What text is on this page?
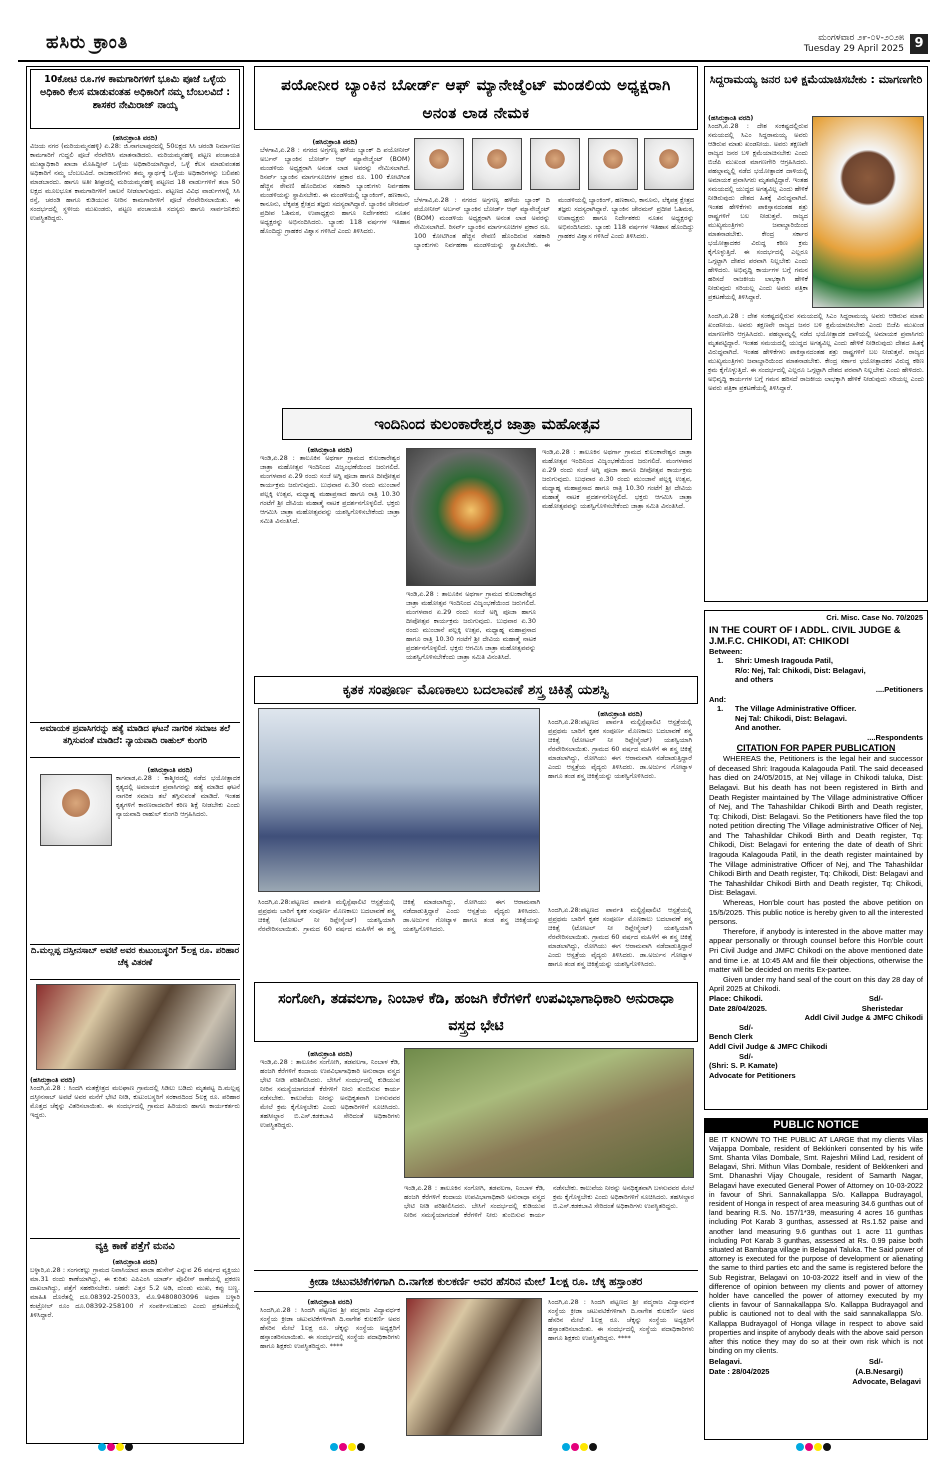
ಹಸಿರು ಕ್ರಾಂತಿ	ಮಂಗಳವಾರ ೨೯-೦೪-೨೦೨೫
Tuesday 29 April 2025 9
10ಕೋಟಿ ರೂ.ಗಳ ಕಾಮಗಾರಿಗಳಿಗೆ ಭೂಮಿ ಪೂಜೆ ಒಳ್ಳೆಯ ಅಧಿಕಾರಿ ಕೆಲಸ ಮಾಡುವಂತಹ ಅಧಿಕಾರಿಗೆ ನಮ್ಮ ಬೆಂಬಲವಿದೆ : ಶಾಸಕರ ನೇಮಿರಾಜ್ ನಾಯ್ಕ
(ಹಸಿರುಕ್ರಾಂತಿ ವರದಿ)
ವಿಜಯ ನಗರ (ಮರಿಯಮ್ಮನಹಳ್ಳಿ) ಏ.28: ಜಿ.ನಾಗಲಾಪುರದಲ್ಲಿ 50ಲಕ್ಷದ ಸಿಸಿ ಚರಂಡಿ ನಿರ್ಮಾಣದ ಕಾಮಗಾರಿಗೆ ಗುದ್ದಲಿ ಪೂಜೆ ನೆರವೇರಿಸಿ ಮಾತನಾಡಿದರು. ಮರಿಯಮ್ಮನಹಳ್ಳಿ ಪಟ್ಟಣ ಪಂಚಾಯತಿ ಮುಖ್ಯಾಧಿಕಾರಿ ಖಾಜಾ ಮೊಹಿದ್ದೀನ್ ಒಳ್ಳೆಯ ಅಧಿಕಾರಿಯಾಗಿದ್ದಾರೆ, ಒಳ್ಳೆ ಕೆಲಸ ಮಾಡುವಂತಹ ಅಧಿಕಾರಿಗೆ ನಮ್ಮ ಬೆಂಬಲವಿದೆ. ರಾಜಕಾರಣಿಗಳು ತಮ್ಮ ಸ್ವಾರ್ಥಕ್ಕೆ ಒಳ್ಳೆಯ ಅಧಿಕಾರಿಗಳನ್ನು ಬಲಿಪಶು ಮಾಡಬಾರದು. ಹಾಗೂ ಅತೀ ಶೀಘ್ರದಲ್ಲಿ ಮರಿಯಮ್ಮನಹಳ್ಳಿ ಪಟ್ಟಣದ 18 ವಾರ್ಡುಗಳಿಗೆ ತಲಾ 50 ಲಕ್ಷದ ಮೂಲಭೂತ ಕಾಮಗಾರಿಗಳಿಗೆ ಚಾಲನೆ ನೀಡಲಾಗುವುದು. ಪಟ್ಟಣದ ವಿವಿಧ ವಾರ್ಡುಗಳಲ್ಲಿ ಸಿಸಿ ರಸ್ತೆ, ಚರಂಡಿ ಹಾಗೂ ಕುಡಿಯುವ ನೀರಿನ ಕಾಮಗಾರಿಗಳಿಗೆ ಪೂಜೆ ನೆರವೇರಿಸಲಾಯಿತು. ಈ ಸಂದರ್ಭದಲ್ಲಿ ಸ್ಥಳೀಯ ಮುಖಂಡರು, ಪಟ್ಟಣ ಪಂಚಾಯತಿ ಸದಸ್ಯರು ಹಾಗೂ ಸಾರ್ವಜನಿಕರು ಉಪಸ್ಥಿತರಿದ್ದರು.
ಅಮಾಯಕ ಪ್ರವಾಸಿಗರನ್ನು ಹತ್ಯೆ ಮಾಡಿದ ಘಟನೆ ನಾಗರಿಕ ಸಮಾಜ ತಲೆ ತಗ್ಗಿಸುವಂತೆ ಮಾಡಿದೆ: ನ್ಯಾಯವಾದಿ ರಾಹುಲ್ ಕುಂಗರಿ
(ಹಸಿರುಕ್ರಾಂತಿ ವರದಿ)
ಕಾಗವಾಡ,ಏ.28 : ಕಾಶ್ಮೀರದಲ್ಲಿ ನಡೆದ ಭಯೋತ್ಪಾದಕ ಕೃತ್ಯದಲ್ಲಿ ಅಮಾಯಕ ಪ್ರವಾಸಿಗರನ್ನು ಹತ್ಯೆ ಮಾಡಿದ ಘಟನೆ ನಾಗರಿಕ ಸಮಾಜ ತಲೆ ತಗ್ಗಿಸುವಂತೆ ಮಾಡಿದೆ. ಇಂತಹ ಕೃತ್ಯಗಳಿಗೆ ಕಾರಣರಾದವರಿಗೆ ಕಠಿಣ ಶಿಕ್ಷೆ ನೀಡಬೇಕು ಎಂದು ನ್ಯಾಯವಾದಿ ರಾಹುಲ್ ಕುಂಗರಿ ಆಗ್ರಹಿಸಿದರು.
ದಿ.ಮಲ್ಲಪ್ಪ ದಸ್ತೀನಸಾಬ್ ಅವಟೆ ಅವರ ಕುಟುಂಬಸ್ಥರಿಗೆ 5ಲಕ್ಷ ರೂ. ಪರಿಹಾರ ಚೆಕ್ಕ ವಿತರಣೆ
(ಹಸಿರುಕ್ರಾಂತಿ ವರದಿ)
ಸಿಂದಗಿ,ಏ.28 : ಸಿಂದಗಿ ಮತಕ್ಷೇತ್ರದ ಮಲಘಾಣ ಗ್ರಾಮದಲ್ಲಿ ಸಿಡಿಲು ಬಡಿದು ಮೃತಪಟ್ಟ ದಿ.ಮಲ್ಲಪ್ಪ ದಸ್ತೀನಸಾಬ್ ಅವಟೆ ಅವರ ಮನೆಗೆ ಭೇಟಿ ನೀಡಿ, ಕುಟುಂಬಸ್ಥರಿಗೆ ಸರಕಾರದಿಂದ 5ಲಕ್ಷ ರೂ. ಪರಿಹಾರ ಮೊತ್ತದ ಚೆಕ್ಕನ್ನು ವಿತರಿಸಲಾಯಿತು. ಈ ಸಂದರ್ಭದಲ್ಲಿ ಗ್ರಾಮದ ಹಿರಿಯರು ಹಾಗೂ ಕಾರ್ಯಕರ್ತರು ಇದ್ದರು.
ವ್ಯಕ್ತಿ ಕಾಣೆ ಪತ್ತೆಗೆ ಮನವಿ
(ಹಸಿರುಕ್ರಾಂತಿ ವರದಿ)
ಬಳ್ಳಾರಿ,ಏ.28 : ಸಂಗನಕಲ್ಲು ಗ್ರಾಮದ ನಿವಾಸಿಯಾದ ಖಾಜಾ ಹುಸೇನ್ ಎನ್ನುವ 26 ವರ್ಷದ ವ್ಯಕ್ತಿಯು ಮಾ.31 ರಂದು ಕಾಣೆಯಾಗಿದ್ದು, ಈ ಕುರಿತು ಎಪಿಎಂಸಿ ಯಾರ್ಡ್ ಪೊಲೀಸ್ ಠಾಣೆಯಲ್ಲಿ ಪ್ರಕರಣ ದಾಖಲಾಗಿದ್ದು, ಪತ್ತೆಗೆ ಸಹಕರಿಸಬೇಕು. ಚಹರೆ: ಎತ್ತರ 5.2 ಅಡಿ, ದುಂಡು ಮುಖ, ಕಪ್ಪು ಬಣ್ಣ. ಮಾಹಿತಿ ದೊರೆತಲ್ಲಿ ದೂ.08392-250033, ಮೊ.9480803096 ಅಥವಾ ಬಳ್ಳಾರಿ ಕಂಟ್ರೋಲ್ ರೂಂ ದೂ.08392-258100 ಗೆ ಸಂಪರ್ಕಿಸಬಹುದು ಎಂದು ಪ್ರಕಟಣೆಯಲ್ಲಿ ತಿಳಿಸಿದ್ದಾರೆ.
ಪಯೋನೀರ ಬ್ಯಾಂಕಿನ ಬೋರ್ಡ್ ಆಫ್ ಮ್ಯಾನೇಜ್ಮೆಂಟ್ ಮಂಡಲಿಯ ಅಧ್ಯಕ್ಷರಾಗಿ ಅನಂತ ಲಾಡ ನೇಮಕ
(ಹಸಿರುಕ್ರಾಂತಿ ವರದಿ)
ಬೆಳಗಾವಿ,ಏ.28 : ನಗರದ ಅಗ್ರಗಣ್ಯ ಹಳೆಯ ಬ್ಯಾಂಕ್ ದಿ ಪಯೋನೀರ್ ಅರ್ಬನ್ ಬ್ಯಾಂಕಿನ ಬೋರ್ಡ್ ಆಫ್ ಮ್ಯಾನೇಜ್ಮೆಂಟ್ (BOM) ಮಂಡಳಿಯ ಅಧ್ಯಕ್ಷರಾಗಿ ಅನಂತ ಲಾಡ ಅವರನ್ನು ನೇಮಿಸಲಾಗಿದೆ. ರಿಸರ್ವ್ ಬ್ಯಾಂಕಿನ ಮಾರ್ಗಸೂಚಿಗಳ ಪ್ರಕಾರ ರೂ. 100 ಕೋಟಿಗಿಂತ ಹೆಚ್ಚಿನ ಠೇವಣಿ ಹೊಂದಿರುವ ಸಹಕಾರಿ ಬ್ಯಾಂಕುಗಳು ನಿರ್ವಹಣಾ ಮಂಡಳಿಯನ್ನು ಸ್ಥಾಪಿಸಬೇಕು. ಈ ಮಂಡಳಿಯಲ್ಲಿ ಬ್ಯಾಂಕಿಂಗ್, ಹಣಕಾಸು, ಕಾನೂನು, ಲೆಕ್ಕಪತ್ರ ಕ್ಷೇತ್ರದ ತಜ್ಞರು ಸದಸ್ಯರಾಗಿದ್ದಾರೆ. ಬ್ಯಾಂಕಿನ ಚೇರಮನ್ ಪ್ರದೀಪ ಓಶಿಮಠ, ಉಪಾಧ್ಯಕ್ಷರು ಹಾಗೂ ನಿರ್ದೇಶಕರು ನೂತನ ಅಧ್ಯಕ್ಷರನ್ನು ಅಭಿನಂದಿಸಿದರು. ಬ್ಯಾಂಕು 118 ವರ್ಷಗಳ ಇತಿಹಾಸ ಹೊಂದಿದ್ದು ಗ್ರಾಹಕರ ವಿಶ್ವಾಸ ಗಳಿಸಿದೆ ಎಂದು ತಿಳಿಸಿದರು.
ಬೆಳಗಾವಿ,ಏ.28 : ನಗರದ ಅಗ್ರಗಣ್ಯ ಹಳೆಯ ಬ್ಯಾಂಕ್ ದಿ ಪಯೋನೀರ್ ಅರ್ಬನ್ ಬ್ಯಾಂಕಿನ ಬೋರ್ಡ್ ಆಫ್ ಮ್ಯಾನೇಜ್ಮೆಂಟ್ (BOM) ಮಂಡಳಿಯ ಅಧ್ಯಕ್ಷರಾಗಿ ಅನಂತ ಲಾಡ ಅವರನ್ನು ನೇಮಿಸಲಾಗಿದೆ. ರಿಸರ್ವ್ ಬ್ಯಾಂಕಿನ ಮಾರ್ಗಸೂಚಿಗಳ ಪ್ರಕಾರ ರೂ. 100 ಕೋಟಿಗಿಂತ ಹೆಚ್ಚಿನ ಠೇವಣಿ ಹೊಂದಿರುವ ಸಹಕಾರಿ ಬ್ಯಾಂಕುಗಳು ನಿರ್ವಹಣಾ ಮಂಡಳಿಯನ್ನು ಸ್ಥಾಪಿಸಬೇಕು. ಈ ಮಂಡಳಿಯಲ್ಲಿ ಬ್ಯಾಂಕಿಂಗ್, ಹಣಕಾಸು, ಕಾನೂನು, ಲೆಕ್ಕಪತ್ರ ಕ್ಷೇತ್ರದ ತಜ್ಞರು ಸದಸ್ಯರಾಗಿದ್ದಾರೆ. ಬ್ಯಾಂಕಿನ ಚೇರಮನ್ ಪ್ರದೀಪ ಓಶಿಮಠ, ಉಪಾಧ್ಯಕ್ಷರು ಹಾಗೂ ನಿರ್ದೇಶಕರು ನೂತನ ಅಧ್ಯಕ್ಷರನ್ನು ಅಭಿನಂದಿಸಿದರು. ಬ್ಯಾಂಕು 118 ವರ್ಷಗಳ ಇತಿಹಾಸ ಹೊಂದಿದ್ದು ಗ್ರಾಹಕರ ವಿಶ್ವಾಸ ಗಳಿಸಿದೆ ಎಂದು ತಿಳಿಸಿದರು.
ಇಂದಿನಿಂದ ಕುಲಂಕಾರೇಶ್ವರ ಜಾತ್ರಾ ಮಹೋತ್ಸವ
(ಹಸಿರುಕ್ರಾಂತಿ ವರದಿ)
ಇಂಡಿ,ಏ.28 : ತಾಲೂಕಿನ ಅಥರ್ಗಾ ಗ್ರಾಮದ ಕುಲಂಕಾರೇಶ್ವರ ಜಾತ್ರಾ ಮಹೋತ್ಸವ ಇಂದಿನಿಂದ ವಿಜೃಂಭಣೆಯಿಂದ ಜರುಗಲಿದೆ. ಮಂಗಳವಾರ ಏ.29 ರಂದು ಸಂಜೆ ಅಗ್ನಿ ಪೂಜಾ ಹಾಗೂ ದೀಪೋತ್ಸವ ಕಾರ್ಯಕ್ರಮ ಜರುಗುವುದು. ಬುಧವಾರ ಏ.30 ರಂದು ಮುಂಜಾನೆ ಪಲ್ಲಕ್ಕಿ ಉತ್ಸವ, ಮಧ್ಯಾಹ್ನ ಮಹಾಪ್ರಸಾದ ಹಾಗೂ ರಾತ್ರಿ 10.30 ಗಂಟೆಗೆ ಶ್ರೀ ದೇವಿಯ ಮಹಾತ್ಮೆ ನಾಟಕ ಪ್ರದರ್ಶನಗೊಳ್ಳಲಿದೆ. ಭಕ್ತರು ಆಗಮಿಸಿ ಜಾತ್ರಾ ಮಹೋತ್ಸವವನ್ನು ಯಶಸ್ವಿಗೊಳಿಸಬೇಕೆಂದು ಜಾತ್ರಾ ಸಮಿತಿ ವಿನಂತಿಸಿದೆ.
ಇಂಡಿ,ಏ.28 : ತಾಲೂಕಿನ ಅಥರ್ಗಾ ಗ್ರಾಮದ ಕುಲಂಕಾರೇಶ್ವರ ಜಾತ್ರಾ ಮಹೋತ್ಸವ ಇಂದಿನಿಂದ ವಿಜೃಂಭಣೆಯಿಂದ ಜರುಗಲಿದೆ. ಮಂಗಳವಾರ ಏ.29 ರಂದು ಸಂಜೆ ಅಗ್ನಿ ಪೂಜಾ ಹಾಗೂ ದೀಪೋತ್ಸವ ಕಾರ್ಯಕ್ರಮ ಜರುಗುವುದು. ಬುಧವಾರ ಏ.30 ರಂದು ಮುಂಜಾನೆ ಪಲ್ಲಕ್ಕಿ ಉತ್ಸವ, ಮಧ್ಯಾಹ್ನ ಮಹಾಪ್ರಸಾದ ಹಾಗೂ ರಾತ್ರಿ 10.30 ಗಂಟೆಗೆ ಶ್ರೀ ದೇವಿಯ ಮಹಾತ್ಮೆ ನಾಟಕ ಪ್ರದರ್ಶನಗೊಳ್ಳಲಿದೆ. ಭಕ್ತರು ಆಗಮಿಸಿ ಜಾತ್ರಾ ಮಹೋತ್ಸವವನ್ನು ಯಶಸ್ವಿಗೊಳಿಸಬೇಕೆಂದು ಜಾತ್ರಾ ಸಮಿತಿ ವಿನಂತಿಸಿದೆ.
ಇಂಡಿ,ಏ.28 : ತಾಲೂಕಿನ ಅಥರ್ಗಾ ಗ್ರಾಮದ ಕುಲಂಕಾರೇಶ್ವರ ಜಾತ್ರಾ ಮಹೋತ್ಸವ ಇಂದಿನಿಂದ ವಿಜೃಂಭಣೆಯಿಂದ ಜರುಗಲಿದೆ. ಮಂಗಳವಾರ ಏ.29 ರಂದು ಸಂಜೆ ಅಗ್ನಿ ಪೂಜಾ ಹಾಗೂ ದೀಪೋತ್ಸವ ಕಾರ್ಯಕ್ರಮ ಜರುಗುವುದು. ಬುಧವಾರ ಏ.30 ರಂದು ಮುಂಜಾನೆ ಪಲ್ಲಕ್ಕಿ ಉತ್ಸವ, ಮಧ್ಯಾಹ್ನ ಮಹಾಪ್ರಸಾದ ಹಾಗೂ ರಾತ್ರಿ 10.30 ಗಂಟೆಗೆ ಶ್ರೀ ದೇವಿಯ ಮಹಾತ್ಮೆ ನಾಟಕ ಪ್ರದರ್ಶನಗೊಳ್ಳಲಿದೆ. ಭಕ್ತರು ಆಗಮಿಸಿ ಜಾತ್ರಾ ಮಹೋತ್ಸವವನ್ನು ಯಶಸ್ವಿಗೊಳಿಸಬೇಕೆಂದು ಜಾತ್ರಾ ಸಮಿತಿ ವಿನಂತಿಸಿದೆ.
ಕೃತಕ ಸಂಪೂರ್ಣ ಮೊಣಕಾಲು ಬದಲಾವಣೆ ಶಸ್ತ್ರ ಚಿಕಿತ್ಸೆ ಯಶಸ್ವಿ
(ಹಸಿರುಕ್ರಾಂತಿ ವರದಿ)
ಸಿಂದಗಿ,ಏ.28:ಪಟ್ಟಣದ ಪಾರ್ವತಿ ಮಲ್ಟಿಸ್ಪೆಷಾಲಿಟಿ ಆಸ್ಪತ್ರೆಯಲ್ಲಿ ಪ್ರಪ್ರಥಮ ಬಾರಿಗೆ ಕೃತಕ ಸಂಪೂರ್ಣ ಮೊಣಕಾಲು ಬದಲಾವಣೆ ಶಸ್ತ್ರ ಚಿಕಿತ್ಸೆ (ಟೋಟಲ್ ನೀ ರಿಪ್ಲೇಸ್ಮೆಂಟ್) ಯಶಸ್ವಿಯಾಗಿ ನೆರವೇರಿಸಲಾಯಿತು. ಗ್ರಾಮದ 60 ವರ್ಷದ ಮಹಿಳೆಗೆ ಈ ಶಸ್ತ್ರ ಚಿಕಿತ್ಸೆ ಮಾಡಲಾಗಿದ್ದು, ರೋಗಿಯು ಈಗ ಆರಾಮವಾಗಿ ನಡೆದಾಡುತ್ತಿದ್ದಾರೆ ಎಂದು ಆಸ್ಪತ್ರೆಯ ವೈದ್ಯರು ತಿಳಿಸಿದರು. ಡಾ.ಅರ್ಜುನ ಗೋಟ್ಯಾಳ ಹಾಗೂ ತಂಡ ಶಸ್ತ್ರ ಚಿಕಿತ್ಸೆಯನ್ನು ಯಶಸ್ವಿಗೊಳಿಸಿದರು.
ಸಿಂದಗಿ,ಏ.28:ಪಟ್ಟಣದ ಪಾರ್ವತಿ ಮಲ್ಟಿಸ್ಪೆಷಾಲಿಟಿ ಆಸ್ಪತ್ರೆಯಲ್ಲಿ ಪ್ರಪ್ರಥಮ ಬಾರಿಗೆ ಕೃತಕ ಸಂಪೂರ್ಣ ಮೊಣಕಾಲು ಬದಲಾವಣೆ ಶಸ್ತ್ರ ಚಿಕಿತ್ಸೆ (ಟೋಟಲ್ ನೀ ರಿಪ್ಲೇಸ್ಮೆಂಟ್) ಯಶಸ್ವಿಯಾಗಿ ನೆರವೇರಿಸಲಾಯಿತು. ಗ್ರಾಮದ 60 ವರ್ಷದ ಮಹಿಳೆಗೆ ಈ ಶಸ್ತ್ರ ಚಿಕಿತ್ಸೆ ಮಾಡಲಾಗಿದ್ದು, ರೋಗಿಯು ಈಗ ಆರಾಮವಾಗಿ ನಡೆದಾಡುತ್ತಿದ್ದಾರೆ ಎಂದು ಆಸ್ಪತ್ರೆಯ ವೈದ್ಯರು ತಿಳಿಸಿದರು. ಡಾ.ಅರ್ಜುನ ಗೋಟ್ಯಾಳ ಹಾಗೂ ತಂಡ ಶಸ್ತ್ರ ಚಿಕಿತ್ಸೆಯನ್ನು ಯಶಸ್ವಿಗೊಳಿಸಿದರು.
ಸಿಂದಗಿ,ಏ.28:ಪಟ್ಟಣದ ಪಾರ್ವತಿ ಮಲ್ಟಿಸ್ಪೆಷಾಲಿಟಿ ಆಸ್ಪತ್ರೆಯಲ್ಲಿ ಪ್ರಪ್ರಥಮ ಬಾರಿಗೆ ಕೃತಕ ಸಂಪೂರ್ಣ ಮೊಣಕಾಲು ಬದಲಾವಣೆ ಶಸ್ತ್ರ ಚಿಕಿತ್ಸೆ (ಟೋಟಲ್ ನೀ ರಿಪ್ಲೇಸ್ಮೆಂಟ್) ಯಶಸ್ವಿಯಾಗಿ ನೆರವೇರಿಸಲಾಯಿತು. ಗ್ರಾಮದ 60 ವರ್ಷದ ಮಹಿಳೆಗೆ ಈ ಶಸ್ತ್ರ ಚಿಕಿತ್ಸೆ ಮಾಡಲಾಗಿದ್ದು, ರೋಗಿಯು ಈಗ ಆರಾಮವಾಗಿ ನಡೆದಾಡುತ್ತಿದ್ದಾರೆ ಎಂದು ಆಸ್ಪತ್ರೆಯ ವೈದ್ಯರು ತಿಳಿಸಿದರು. ಡಾ.ಅರ್ಜುನ ಗೋಟ್ಯಾಳ ಹಾಗೂ ತಂಡ ಶಸ್ತ್ರ ಚಿಕಿತ್ಸೆಯನ್ನು ಯಶಸ್ವಿಗೊಳಿಸಿದರು.
ಸಂಗೋಗಿ, ತಡವಲಗಾ, ನಿಂಬಾಳ ಕೆಡಿ, ಹಂಜಗಿ ಕೆರೆಗಳಿಗೆ ಉಪವಿಭಾಗಾಧಿಕಾರಿ ಅನುರಾಧಾ ವಸ್ತ್ರದ ಭೇಟಿ
(ಹಸಿರುಕ್ರಾಂತಿ ವರದಿ)
ಇಂಡಿ,ಏ.28 : ತಾಲೂಕಿನ ಸಂಗೋಗಿ, ತಡವಲಗಾ, ನಿಂಬಾಳ ಕೆಡಿ, ಹಂಜಗಿ ಕೆರೆಗಳಿಗೆ ಕಂದಾಯ ಉಪವಿಭಾಗಾಧಿಕಾರಿ ಅನುರಾಧಾ ವಸ್ತ್ರದ ಭೇಟಿ ನೀಡಿ ಪರಿಶೀಲಿಸಿದರು. ಬೇಸಿಗೆ ಸಂದರ್ಭದಲ್ಲಿ ಕುಡಿಯುವ ನೀರಿನ ಸಮಸ್ಯೆಯಾಗದಂತೆ ಕೆರೆಗಳಿಗೆ ನೀರು ತುಂಬಿಸುವ ಕಾರ್ಯ ನಡೆಸಬೇಕು. ಕಾಲುವೆಯ ನೀರನ್ನು ಅನಧಿಕೃತವಾಗಿ ಬಳಸುವವರ ಮೇಲೆ ಕ್ರಮ ಕೈಗೊಳ್ಳಬೇಕು ಎಂದು ಅಧಿಕಾರಿಗಳಿಗೆ ಸೂಚಿಸಿದರು. ತಹಸೀಲ್ದಾರ ಬಿ.ಎಸ್.ಕಡಕಬಾವಿ ಸೇರಿದಂತೆ ಅಧಿಕಾರಿಗಳು ಉಪಸ್ಥಿತರಿದ್ದರು.
ಇಂಡಿ,ಏ.28 : ತಾಲೂಕಿನ ಸಂಗೋಗಿ, ತಡವಲಗಾ, ನಿಂಬಾಳ ಕೆಡಿ, ಹಂಜಗಿ ಕೆರೆಗಳಿಗೆ ಕಂದಾಯ ಉಪವಿಭಾಗಾಧಿಕಾರಿ ಅನುರಾಧಾ ವಸ್ತ್ರದ ಭೇಟಿ ನೀಡಿ ಪರಿಶೀಲಿಸಿದರು. ಬೇಸಿಗೆ ಸಂದರ್ಭದಲ್ಲಿ ಕುಡಿಯುವ ನೀರಿನ ಸಮಸ್ಯೆಯಾಗದಂತೆ ಕೆರೆಗಳಿಗೆ ನೀರು ತುಂಬಿಸುವ ಕಾರ್ಯ ನಡೆಸಬೇಕು. ಕಾಲುವೆಯ ನೀರನ್ನು ಅನಧಿಕೃತವಾಗಿ ಬಳಸುವವರ ಮೇಲೆ ಕ್ರಮ ಕೈಗೊಳ್ಳಬೇಕು ಎಂದು ಅಧಿಕಾರಿಗಳಿಗೆ ಸೂಚಿಸಿದರು. ತಹಸೀಲ್ದಾರ ಬಿ.ಎಸ್.ಕಡಕಬಾವಿ ಸೇರಿದಂತೆ ಅಧಿಕಾರಿಗಳು ಉಪಸ್ಥಿತರಿದ್ದರು.
ಕ್ರೀಡಾ ಚಟುವಟಿಕೆಗಳಿಗಾಗಿ ದಿ.ನಾಗೇಶ ಕುಲಕರ್ಣಿ ಅವರ ಹೆಸರಿನ ಮೇಲೆ 1ಲಕ್ಷ ರೂ. ಚೆಕ್ಕ ಹಸ್ತಾಂತರ
(ಹಸಿರುಕ್ರಾಂತಿ ವರದಿ)
ಸಿಂದಗಿ,ಏ.28 : ಸಿಂದಗಿ ಪಟ್ಟಣದ ಶ್ರೀ ಪದ್ಮರಾಜ ವಿದ್ಯಾವರ್ಧಕ ಸಂಸ್ಥೆಯ ಕ್ರೀಡಾ ಚಟುವಟಿಕೆಗಳಿಗಾಗಿ ದಿ.ನಾಗೇಶ ಕುಲಕರ್ಣಿ ಅವರ ಹೆಸರಿನ ಮೇಲೆ 1ಲಕ್ಷ ರೂ. ಚೆಕ್ಕನ್ನು ಸಂಸ್ಥೆಯ ಅಧ್ಯಕ್ಷರಿಗೆ ಹಸ್ತಾಂತರಿಸಲಾಯಿತು. ಈ ಸಂದರ್ಭದಲ್ಲಿ ಸಂಸ್ಥೆಯ ಪದಾಧಿಕಾರಿಗಳು ಹಾಗೂ ಶಿಕ್ಷಕರು ಉಪಸ್ಥಿತರಿದ್ದರು. ****
ಸಿಂದಗಿ,ಏ.28 : ಸಿಂದಗಿ ಪಟ್ಟಣದ ಶ್ರೀ ಪದ್ಮರಾಜ ವಿದ್ಯಾವರ್ಧಕ ಸಂಸ್ಥೆಯ ಕ್ರೀಡಾ ಚಟುವಟಿಕೆಗಳಿಗಾಗಿ ದಿ.ನಾಗೇಶ ಕುಲಕರ್ಣಿ ಅವರ ಹೆಸರಿನ ಮೇಲೆ 1ಲಕ್ಷ ರೂ. ಚೆಕ್ಕನ್ನು ಸಂಸ್ಥೆಯ ಅಧ್ಯಕ್ಷರಿಗೆ ಹಸ್ತಾಂತರಿಸಲಾಯಿತು. ಈ ಸಂದರ್ಭದಲ್ಲಿ ಸಂಸ್ಥೆಯ ಪದಾಧಿಕಾರಿಗಳು ಹಾಗೂ ಶಿಕ್ಷಕರು ಉಪಸ್ಥಿತರಿದ್ದರು. ****
ಸಿದ್ದರಾಮಯ್ಯ ಜನರ ಬಳಿ ಕ್ಷಮೆಯಾಚಿಸಬೇಕು : ಮಾಗಣಗೇರಿ
(ಹಸಿರುಕ್ರಾಂತಿ ವರದಿ)
ಸಿಂದಗಿ,ಏ.28 : ದೇಶ ಸಂಕಷ್ಟದಲ್ಲಿರುವ ಸಮಯದಲ್ಲಿ ಸಿಎಂ ಸಿದ್ದರಾಮಯ್ಯ ಅವರು ಆಡಿರುವ ಮಾತು ಖಂಡನೀಯ. ಅವರು ತಕ್ಷಣವೇ ರಾಜ್ಯದ ಜನರ ಬಳಿ ಕ್ಷಮೆಯಾಚಿಸಬೇಕು ಎಂದು ಬಿಜೆಪಿ ಮುಖಂಡ ಮಾಗಣಗೇರಿ ಆಗ್ರಹಿಸಿದರು. ಪಹಲ್ಗಾಮ್ನಲ್ಲಿ ನಡೆದ ಭಯೋತ್ಪಾದಕ ದಾಳಿಯಲ್ಲಿ ಅಮಾಯಕ ಪ್ರವಾಸಿಗರು ಮೃತಪಟ್ಟಿದ್ದಾರೆ. ಇಂತಹ ಸಮಯದಲ್ಲಿ ಯುದ್ಧದ ಅಗತ್ಯವಿಲ್ಲ ಎಂದು ಹೇಳಿಕೆ ನೀಡಿರುವುದು ದೇಶದ ಹಿತಕ್ಕೆ ವಿರುದ್ಧವಾಗಿದೆ. ಇಂತಹ ಹೇಳಿಕೆಗಳು ಪಾಕಿಸ್ತಾನದಂತಹ ಶತ್ರು ರಾಷ್ಟ್ರಗಳಿಗೆ ಬಲ ನೀಡುತ್ತವೆ. ರಾಜ್ಯದ ಮುಖ್ಯಮಂತ್ರಿಗಳು ಜವಾಬ್ದಾರಿಯಿಂದ ಮಾತನಾಡಬೇಕು. ಕೇಂದ್ರ ಸರ್ಕಾರ ಭಯೋತ್ಪಾದಕರ ವಿರುದ್ಧ ಕಠಿಣ ಕ್ರಮ ಕೈಗೊಳ್ಳುತ್ತಿದೆ. ಈ ಸಂದರ್ಭದಲ್ಲಿ ಎಲ್ಲರೂ ಒಗ್ಗಟ್ಟಾಗಿ ದೇಶದ ಪರವಾಗಿ ನಿಲ್ಲಬೇಕು ಎಂದು ಹೇಳಿದರು. ಅಭಿವೃದ್ಧಿ ಕಾರ್ಯಗಳ ಬಗ್ಗೆ ಗಮನ ಹರಿಸದೆ ರಾಜಕೀಯ ಲಾಭಕ್ಕಾಗಿ ಹೇಳಿಕೆ ನೀಡುವುದು ಸರಿಯಲ್ಲ ಎಂದು ಅವರು ಪತ್ರಿಕಾ ಪ್ರಕಟಣೆಯಲ್ಲಿ ತಿಳಿಸಿದ್ದಾರೆ.
ಸಿಂದಗಿ,ಏ.28 : ದೇಶ ಸಂಕಷ್ಟದಲ್ಲಿರುವ ಸಮಯದಲ್ಲಿ ಸಿಎಂ ಸಿದ್ದರಾಮಯ್ಯ ಅವರು ಆಡಿರುವ ಮಾತು ಖಂಡನೀಯ. ಅವರು ತಕ್ಷಣವೇ ರಾಜ್ಯದ ಜನರ ಬಳಿ ಕ್ಷಮೆಯಾಚಿಸಬೇಕು ಎಂದು ಬಿಜೆಪಿ ಮುಖಂಡ ಮಾಗಣಗೇರಿ ಆಗ್ರಹಿಸಿದರು. ಪಹಲ್ಗಾಮ್ನಲ್ಲಿ ನಡೆದ ಭಯೋತ್ಪಾದಕ ದಾಳಿಯಲ್ಲಿ ಅಮಾಯಕ ಪ್ರವಾಸಿಗರು ಮೃತಪಟ್ಟಿದ್ದಾರೆ. ಇಂತಹ ಸಮಯದಲ್ಲಿ ಯುದ್ಧದ ಅಗತ್ಯವಿಲ್ಲ ಎಂದು ಹೇಳಿಕೆ ನೀಡಿರುವುದು ದೇಶದ ಹಿತಕ್ಕೆ ವಿರುದ್ಧವಾಗಿದೆ. ಇಂತಹ ಹೇಳಿಕೆಗಳು ಪಾಕಿಸ್ತಾನದಂತಹ ಶತ್ರು ರಾಷ್ಟ್ರಗಳಿಗೆ ಬಲ ನೀಡುತ್ತವೆ. ರಾಜ್ಯದ ಮುಖ್ಯಮಂತ್ರಿಗಳು ಜವಾಬ್ದಾರಿಯಿಂದ ಮಾತನಾಡಬೇಕು. ಕೇಂದ್ರ ಸರ್ಕಾರ ಭಯೋತ್ಪಾದಕರ ವಿರುದ್ಧ ಕಠಿಣ ಕ್ರಮ ಕೈಗೊಳ್ಳುತ್ತಿದೆ. ಈ ಸಂದರ್ಭದಲ್ಲಿ ಎಲ್ಲರೂ ಒಗ್ಗಟ್ಟಾಗಿ ದೇಶದ ಪರವಾಗಿ ನಿಲ್ಲಬೇಕು ಎಂದು ಹೇಳಿದರು. ಅಭಿವೃದ್ಧಿ ಕಾರ್ಯಗಳ ಬಗ್ಗೆ ಗಮನ ಹರಿಸದೆ ರಾಜಕೀಯ ಲಾಭಕ್ಕಾಗಿ ಹೇಳಿಕೆ ನೀಡುವುದು ಸರಿಯಲ್ಲ ಎಂದು ಅವರು ಪತ್ರಿಕಾ ಪ್ರಕಟಣೆಯಲ್ಲಿ ತಿಳಿಸಿದ್ದಾರೆ.
Cri. Misc. Case No. 70/2025
IN THE COURT OF I ADDL. CIVIL JUDGE & J.M.F.C. CHIKODI, AT: CHIKODI
Between:
1.	Shri: Umesh Iragouda Patil,
R/o: Nej, Tal: Chikodi, Dist: Belagavi,
and others
....Petitioners
And:
1.	The Village Administrative Officer.
Nej Tal: Chikodi, Dist: Belagavi.
And another.
....Respondents
CITATION FOR PAPER PUBLICATION
WHEREAS the, Petitioners is the legal heir and successor of deceased Shri: Iragouda Kalagouda Patil. The said deceased has died on 24/05/2015, at Nej village in Chikodi taluka, Dist: Belagavi. But his death has not been registered in Birth and Death Register maintained by The Village administrative Officer of Nej, and The Tahashildar Chikodi Birth and Death register, Tq: Chikodi, Dist: Belagavi. So the Petitioners have filed the top noted petition directing The Village administrative Officer of Nej, and The Tahashildar Chikodi Birth and Death register, Tq: Chikodi, Dist: Belagavi for entering the date of death of Shri: Iragouda Kalagouda Patil, in the death register maintained by The Village administrative Officer of Nej, and The Tahashildar Chikodi Birth and Death register, Tq: Chikodi, Dist: Belagavi and The Tahashildar Chikodi Birth and Death register, Tq: Chikodi, Dist: Belagavi.
Whereas, Hon'ble court has posted the above petition on 15/5/2025. This public notice is hereby given to all the interested persons.
Therefore, if anybody is interested in the above matter may appear personally or through counsel before this Hon'ble court Pri Civil Judge and JMFC Chikodi on the above mentioned date and time i.e. at 10:45 AM and file their objections, otherwise the matter will be decided on merits Ex-partee.
Given under my hand seal of the court on this day 28 day of April 2025 at Chikodi.
Place: Chikodi.	Sd/-
Date 28/04/2025.	Sheristedar
Addl Civil Judge & JMFC Chikodi
Sd/-
Bench Clerk
Addl Civil Judge & JMFC Chikodi
Sd/-
(Shri: S. P. Kamate)
Advocate for Petitioners
PUBLIC NOTICE
BE IT KNOWN TO THE PUBLIC AT LARGE that my clients Vilas Vaijappa Dombale, resident of Bekkinkeri consented by his wife Smt. Shanta Vilas Dombale, Smt. Rajeshri Milind Lad, resident of Belagavi, Shri. Mithun Vilas Dombale, resident of Bekkenkeri and Smt. Dhanashri Vijay Chougale, resident of Samarth Nagar, Belagavi have executed General Power of Attorney on 10-03-2022 in favour of Shri. Sannakallappa S/o. Kallappa Budrayagol, resident of Honga in respect of area measuring 34.6 gunthas out of land bearing R.S. No. 157/1*39, measuring 4 acres 16 gunthas including Pot Karab 3 gunthas, assessed at Rs.1.52 paise and another land measuring 9.6 gunthas out 1 acre 11 gunthas including Pot Karab 3 gunthas, assessed at Rs. 0.99 paise both situated at Bambarga village in Belagavi Taluka. The Said power of attorney is executed for the purpose of development or alienating the same to third parties etc and the same is registered before the Sub Registrar, Belagavi on 10-03-2022 itself and in view of the difference of opinion between my clients and power of attorney holder have cancelled the power of attorney executed by my clients in favour of Sannakallappa S/o. Kallappa Budrayagol and public is cautioned not to deal with the said sannakallappa S/o. Kallappa Budrayagol of Honga village in respect to above said properties and inspite of anybody deals with the above said person after this notice they may do so at their own risk which is not binding on my clients.
Belagavi.	Sd/-
Date : 28/04/2025	(A.B.Nesargi)
Advocate, Belagavi
